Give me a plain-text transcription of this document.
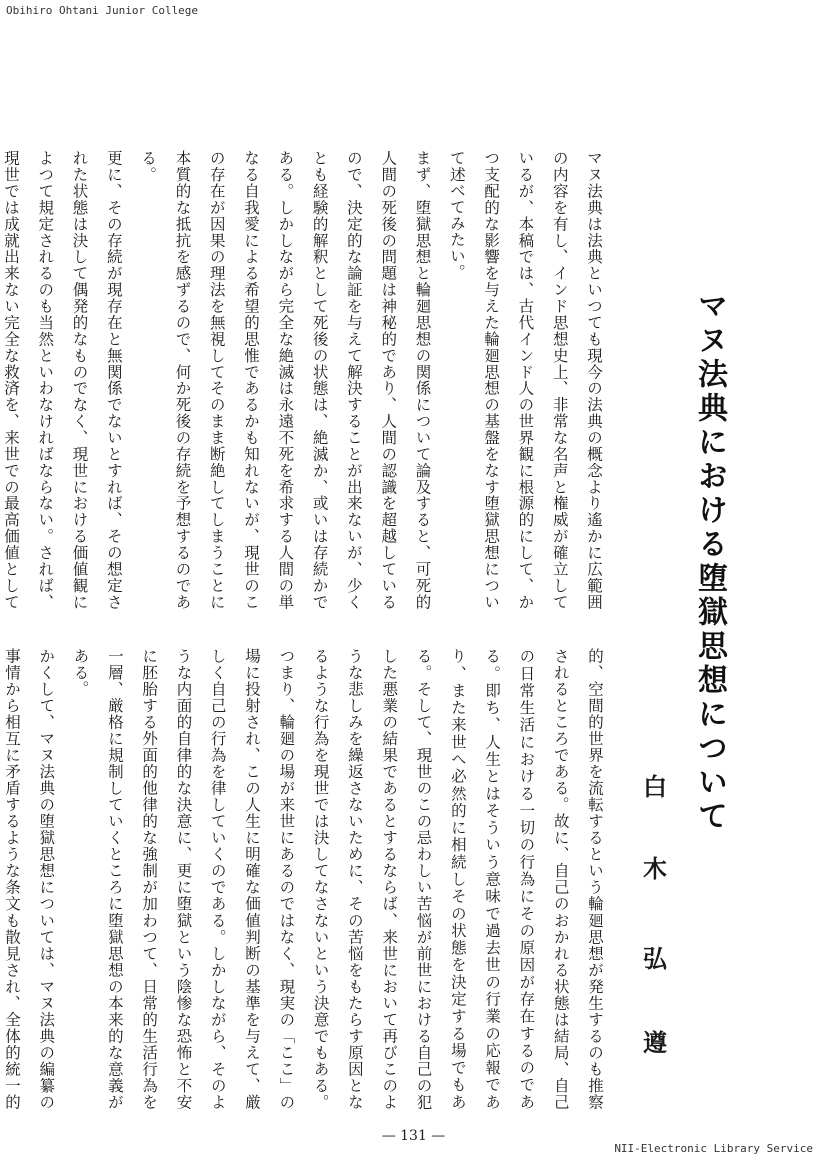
Obihiro Ohtani Junior College
マヌ法典における堕獄思想について
白
木
弘
遵

マヌ法典は法典といつても現今の法典の概念より遙かに広範囲の内容を有し、インド思想史上、非常な名声と権威が確立しているが、本稿では、古代インド人の世界観に根源的にして、かつ支配的な影響を与えた輪廻思想の基盤をなす堕獄思想について述べてみたい。

まず、堕獄思想と輪廻思想の関係について論及すると、可死的人間の死後の問題は神秘的であり、人間の認識を超越しているので、決定的な論証を与えて解決することが出来ないが、少くとも経験的解釈として死後の状態は、絶滅か、或いは存続かである。しかしながら完全な絶滅は永遠不死を希求する人間の単なる自我愛による希望的思惟であるかも知れないが、現世のこの存在が因果の理法を無視してそのまま断絶してしまうことに本質的な抵抗を感ずるので、何か死後の存続を予想するのである。

更に、その存続が現存在と無関係でないとすれば、その想定された状態は決して偶発的なものでなく、現世における価値観によつて規定されるのも当然といわなければならない。されば、現世では成就出来ない完全な救済を、来世での最高価値として

的、空間的世界を流転するという輪廻思想が発生するのも推察されるところである。故に、自己のおかれる状態は結局、自己の日常生活における一切の行為にその原因が存在するのである。即ち、人生とはそういう意味で過去世の行業の応報であり、また来世へ必然的に相続しその状態を決定する場でもある。そして、現世のこの忌わしい苦悩が前世における自己の犯した悪業の結果であるとするならば、来世において再びこのような悲しみを繰返さないために、その苦悩をもたらす原因となるような行為を現世では決してなさないという決意でもある。つまり、輪廻の場が来世にあるのではなく、現実の「ここ」の場に投射され、この人生に明確な価値判断の基準を与えて、厳しく自己の行為を律していくのである。しかしながら、そのような内面的自律的な決意に、更に堕獄という陰惨な恐怖と不安に胚胎する外面的他律的な強制が加わつて、日常的生活行為を一層、厳格に規制していくところに堕獄思想の本来的な意義がある。

かくして、マヌ法典の堕獄思想については、マヌ法典の編纂の事情から相互に矛盾するような条文も散見され、全体的統一的

— 131 —
NII-Electronic Library Service
